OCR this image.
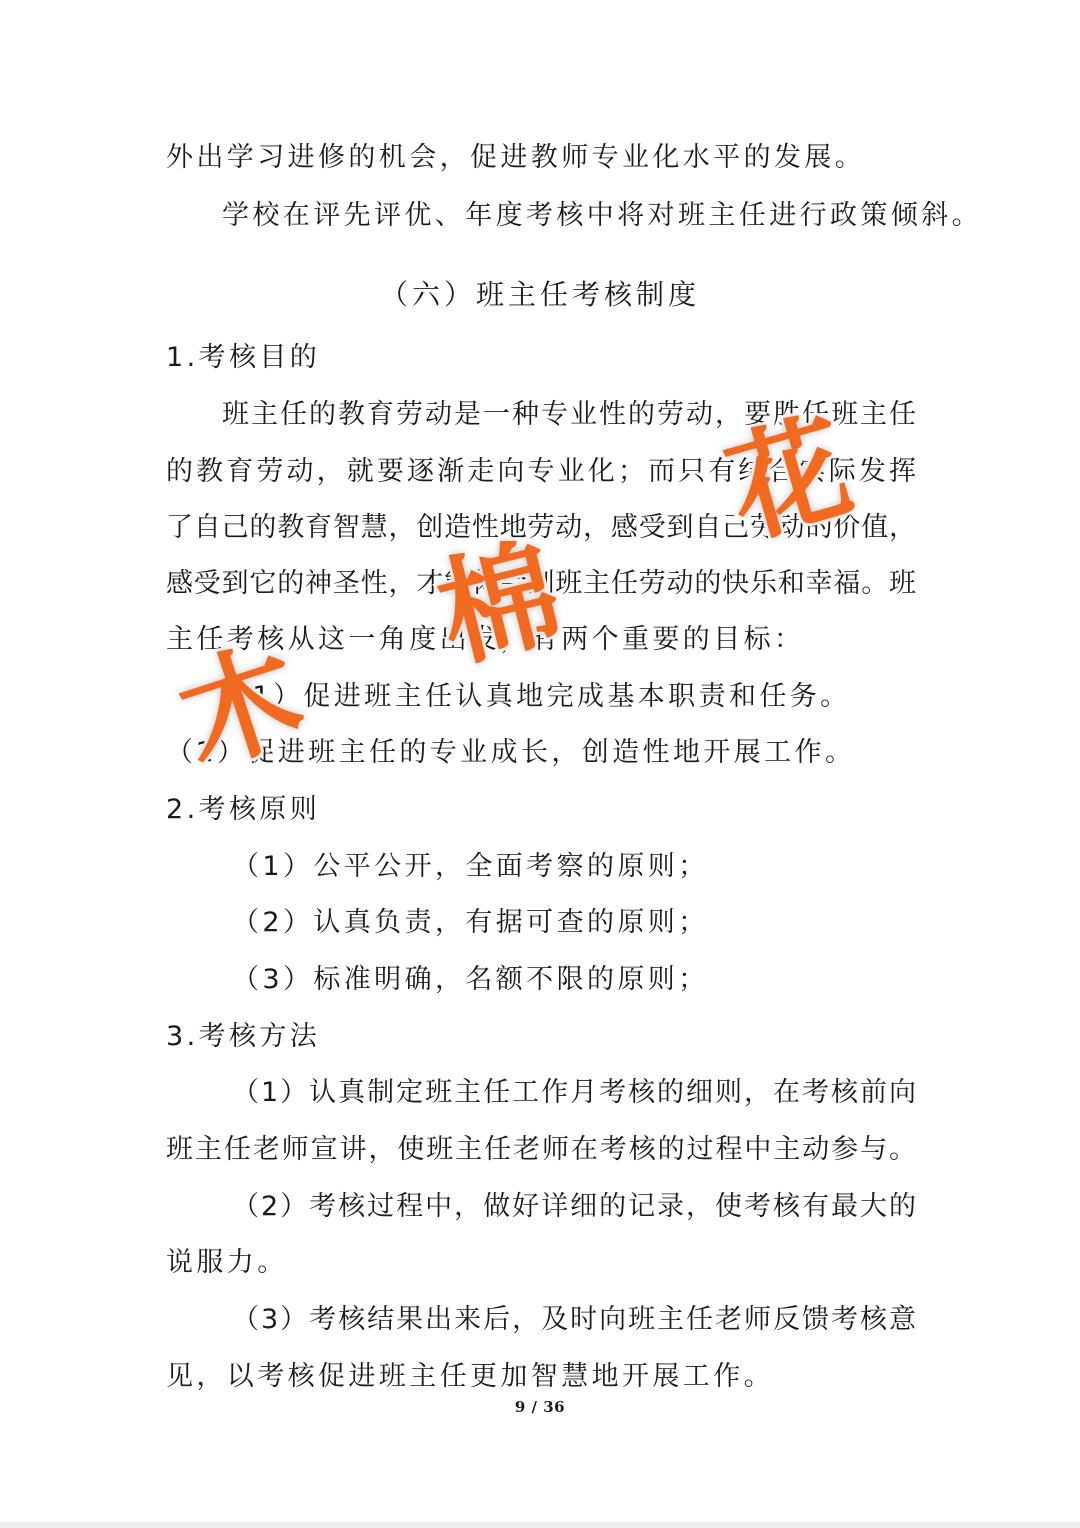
外出学习进修的机会，促进教师专业化水平的发展。
学校在评先评优、年度考核中将对班主任进行政策倾斜。
（六）班主任考核制度
1.考核目的
班主任的教育劳动是一种专业性的劳动，要胜任班主任
的教育劳动，就要逐渐走向专业化；而只有结合实际发挥
了自己的教育智慧，创造性地劳动，感受到自己劳动的价值，
感受到它的神圣性，才能体会到班主任劳动的快乐和幸福。班
主任考核从这一角度出发，有两个重要的目标：
（1）促进班主任认真地完成基本职责和任务。
（2）促进班主任的专业成长，创造性地开展工作。
2.考核原则
（1）公平公开，全面考察的原则；
（2）认真负责，有据可查的原则；
（3）标准明确，名额不限的原则；
3.考核方法
（1）认真制定班主任工作月考核的细则，在考核前向
班主任老师宣讲，使班主任老师在考核的过程中主动参与。
（2）考核过程中，做好详细的记录，使考核有最大的
说服力。
（3）考核结果出来后，及时向班主任老师反馈考核意
见，以考核促进班主任更加智慧地开展工作。
9 / 36
木
棉
花
